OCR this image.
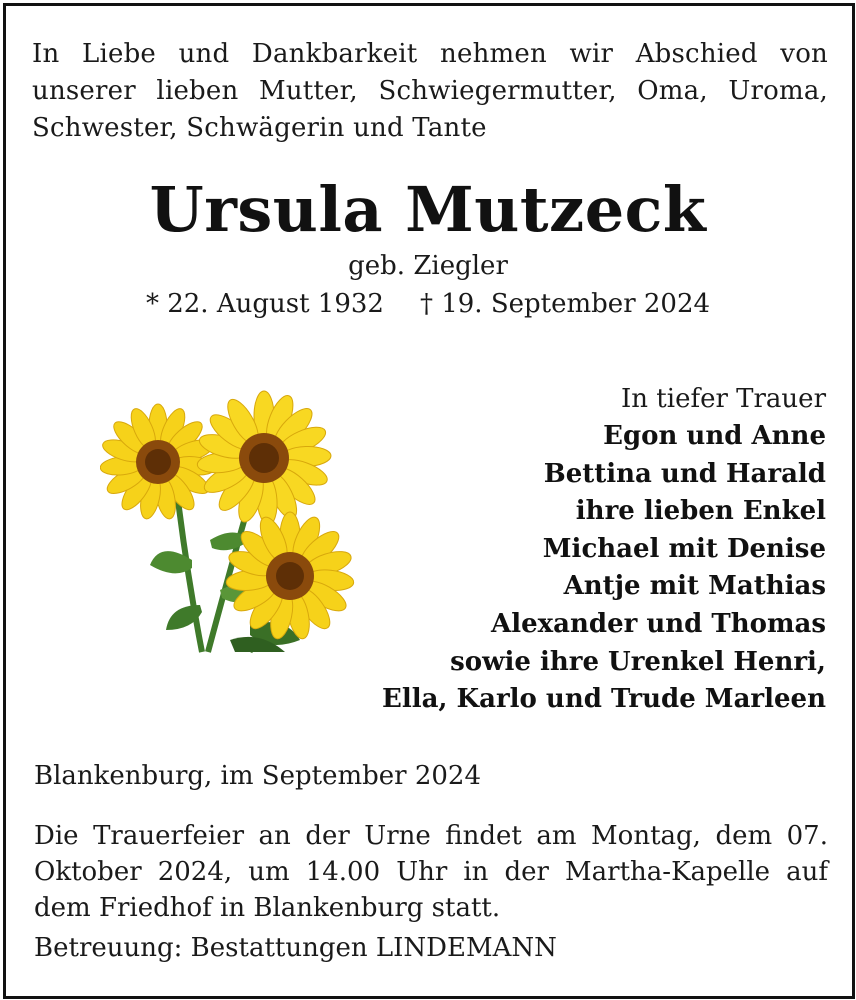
In Liebe und Dankbarkeit nehmen wir Abschied von unserer lieben Mutter, Schwiegermutter, Oma, Uroma, Schwester, Schwägerin und Tante
Ursula Mutzeck
geb. Ziegler
* 22. August 1932 † 19. September 2024
In tiefer Trauer
Egon und Anne
Bettina und Harald
ihre lieben Enkel
Michael mit Denise
Antje mit Mathias
Alexander und Thomas
sowie ihre Urenkel Henri,
Ella, Karlo und Trude Marleen
Blankenburg, im September 2024
Die Trauerfeier an der Urne findet am Montag, dem 07. Oktober 2024, um 14.00 Uhr in der Martha-Kapelle auf dem Friedhof in Blankenburg statt.
Betreuung: Bestattungen LINDEMANN
